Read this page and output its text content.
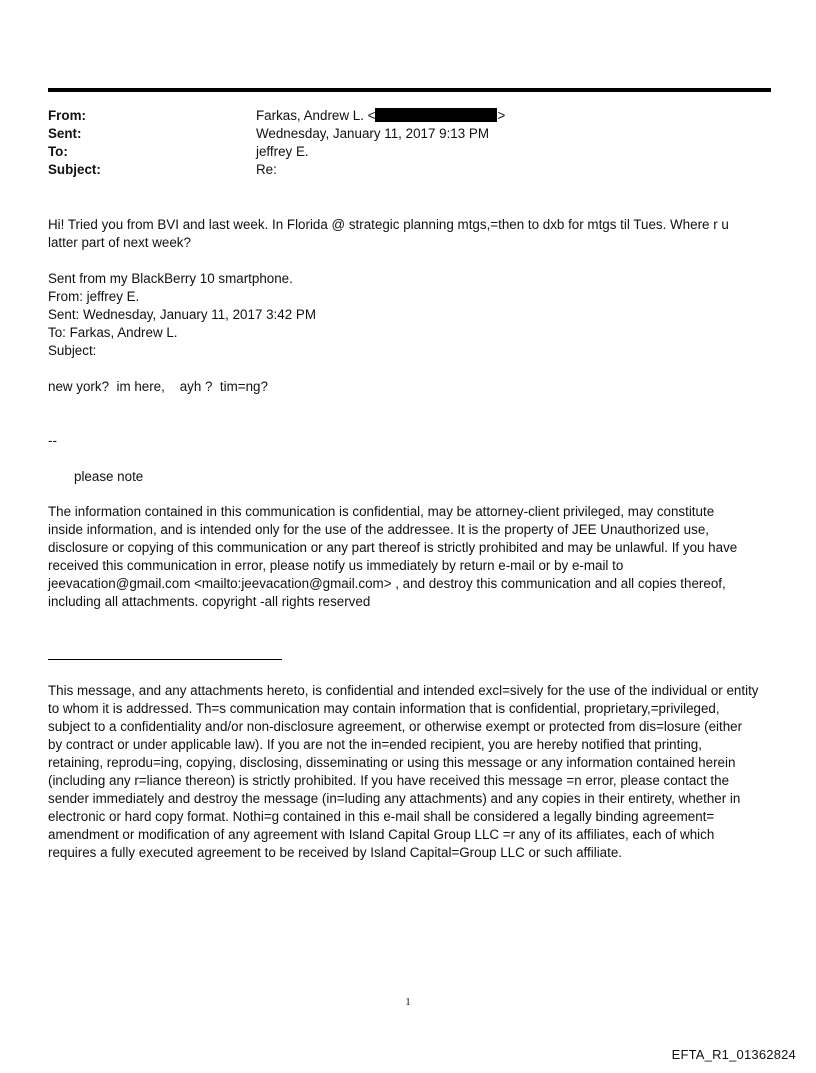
From:	Farkas, Andrew L. <	>
Sent:	Wednesday, January 11, 2017 9:13 PM
To:	jeffrey E.
Subject:	Re:
Hi! Tried you from BVI and last week. In Florida @ strategic planning mtgs,=then to dxb for mtgs til Tues. Where r u
latter part of next week?
Sent from my BlackBerry 10 smartphone.
From: jeffrey E.
Sent: Wednesday, January 11, 2017 3:42 PM
To: Farkas, Andrew L.
Subject:
new york?  im here,    ayh ?  tim=ng?
--
please note
The information contained in this communication is confidential, may be attorney-client privileged, may constitute
inside information, and is intended only for the use of the addressee. It is the property of JEE Unauthorized use,
disclosure or copying of this communication or any part thereof is strictly prohibited and may be unlawful. If you have
received this communication in error, please notify us immediately by return e-mail or by e-mail to
jeevacation@gmail.com <mailto:jeevacation@gmail.com> , and destroy this communication and all copies thereof,
including all attachments. copyright -all rights reserved
This message, and any attachments hereto, is confidential and intended excl=sively for the use of the individual or entity
to whom it is addressed. Th=s communication may contain information that is confidential, proprietary,=privileged,
subject to a confidentiality and/or non-disclosure agreement, or otherwise exempt or protected from dis=losure (either
by contract or under applicable law). If you are not the in=ended recipient, you are hereby notified that printing,
retaining, reprodu=ing, copying, disclosing, disseminating or using this message or any information contained herein
(including any r=liance thereon) is strictly prohibited. If you have received this message =n error, please contact the
sender immediately and destroy the message (in=luding any attachments) and any copies in their entirety, whether in
electronic or hard copy format. Nothi=g contained in this e-mail shall be considered a legally binding agreement=
amendment or modification of any agreement with Island Capital Group LLC =r any of its affiliates, each of which
requires a fully executed agreement to be received by Island Capital=Group LLC or such affiliate.
1
EFTA_R1_01362824
